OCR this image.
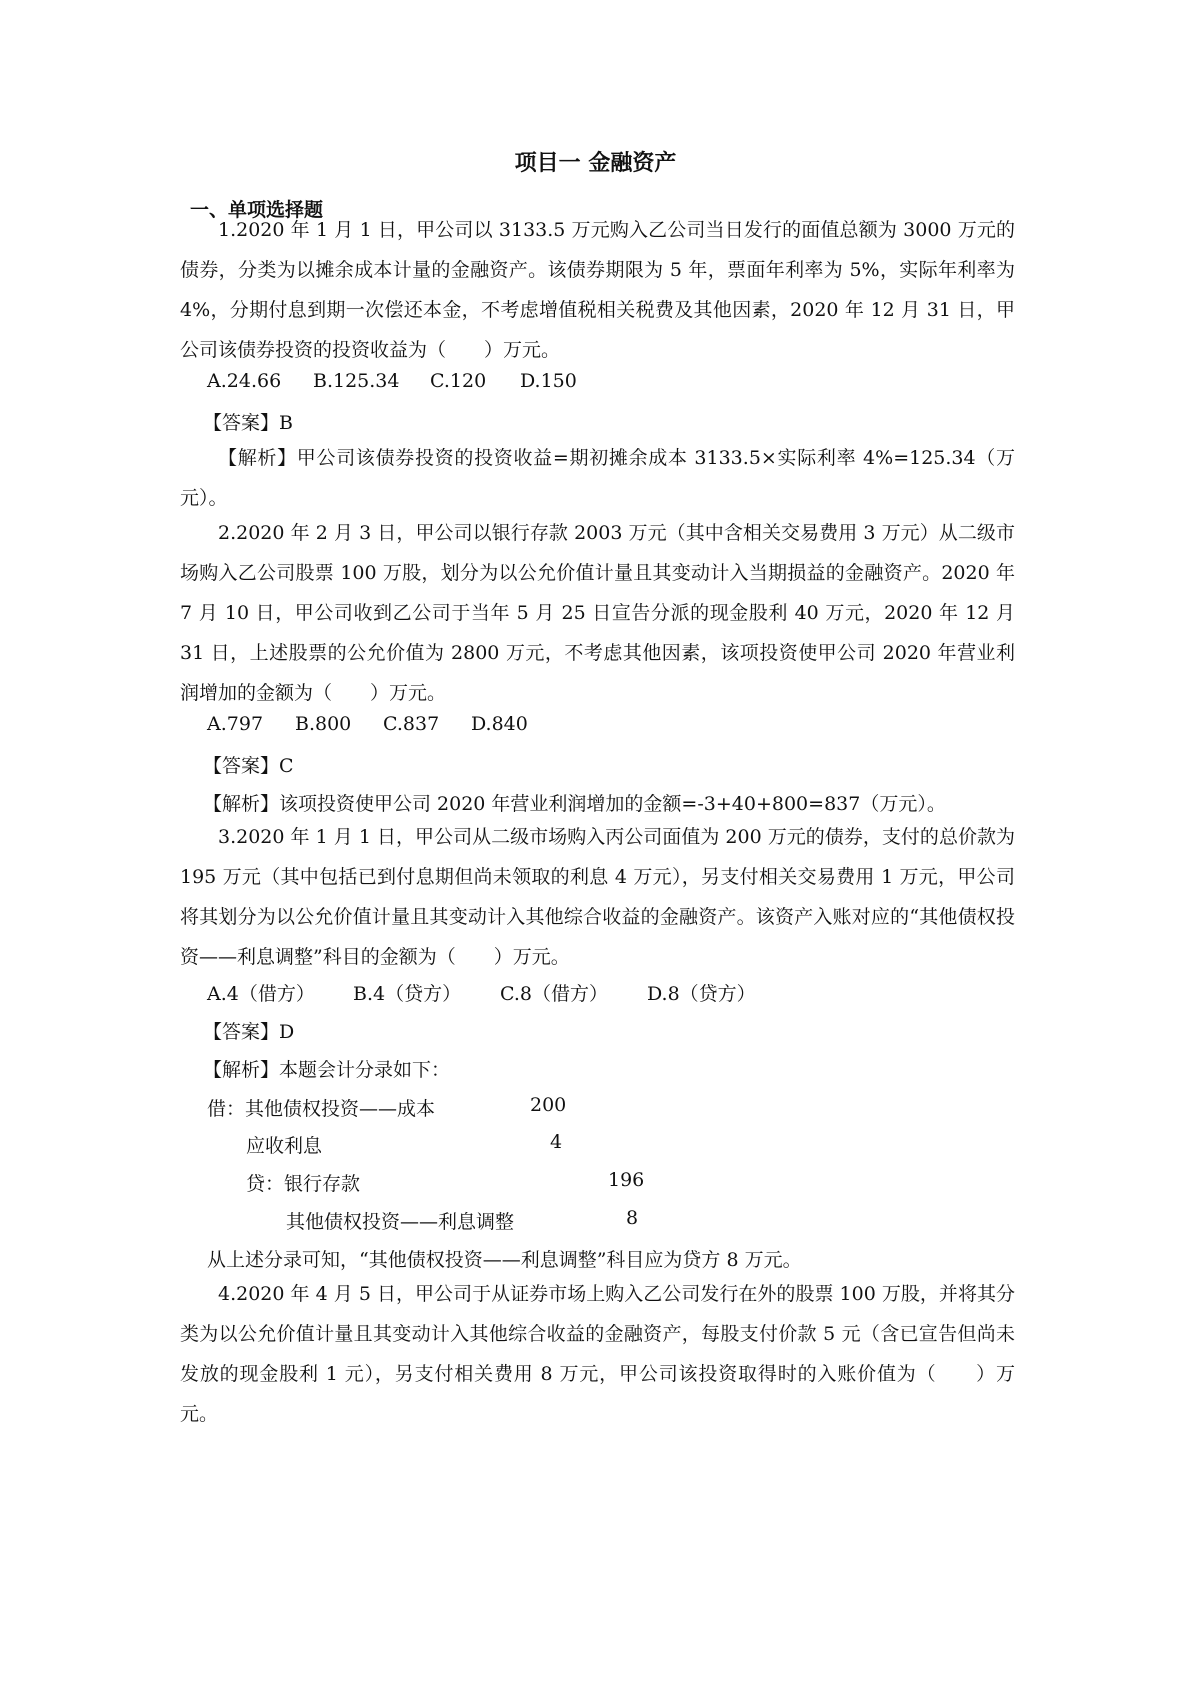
项目一 金融资产
一、单项选择题

1.2020 年 1 月 1 日，甲公司以 3133.5 万元购入乙公司当日发行的面值总额为 3000 万元的债券，分类为以摊余成本计量的金融资产。该债券期限为 5 年，票面年利率为 5%，实际年利率为 4%，分期付息到期一次偿还本金，不考虑增值税相关税费及其他因素，2020 年 12 月 31 日，甲公司该债券投资的投资收益为（　　）万元。

A.24.66 B.125.34 C.120 D.150
【答案】B

【解析】甲公司该债券投资的投资收益=期初摊余成本 3133.5×实际利率 4%=125.34（万元）。

2.2020 年 2 月 3 日，甲公司以银行存款 2003 万元（其中含相关交易费用 3 万元）从二级市场购入乙公司股票 100 万股，划分为以公允价值计量且其变动计入当期损益的金融资产。2020 年 7 月 10 日，甲公司收到乙公司于当年 5 月 25 日宣告分派的现金股利 40 万元，2020 年 12 月 31 日，上述股票的公允价值为 2800 万元，不考虑其他因素，该项投资使甲公司 2020 年营业利润增加的金额为（　　）万元。

A.797 B.800 C.837 D.840
【答案】C
【解析】该项投资使甲公司 2020 年营业利润增加的金额=-3+40+800=837（万元）。

3.2020 年 1 月 1 日，甲公司从二级市场购入丙公司面值为 200 万元的债券，支付的总价款为 195 万元（其中包括已到付息期但尚未领取的利息 4 万元），另支付相关交易费用 1 万元，甲公司将其划分为以公允价值计量且其变动计入其他综合收益的金融资产。该资产入账对应的“其他债权投资——利息调整”科目的金额为（　　）万元。

A.4（借方） B.4（贷方） C.8（借方） D.8（贷方）
【答案】D
【解析】本题会计分录如下：
借：其他债权投资——成本	200
应收利息	4
贷：银行存款	196
其他债权投资——利息调整	8
从上述分录可知，“其他债权投资——利息调整”科目应为贷方 8 万元。

4.2020 年 4 月 5 日，甲公司于从证券市场上购入乙公司发行在外的股票 100 万股，并将其分类为以公允价值计量且其变动计入其他综合收益的金融资产，每股支付价款 5 元（含已宣告但尚未发放的现金股利 1 元），另支付相关费用 8 万元，甲公司该投资取得时的入账价值为（　　）万元。
